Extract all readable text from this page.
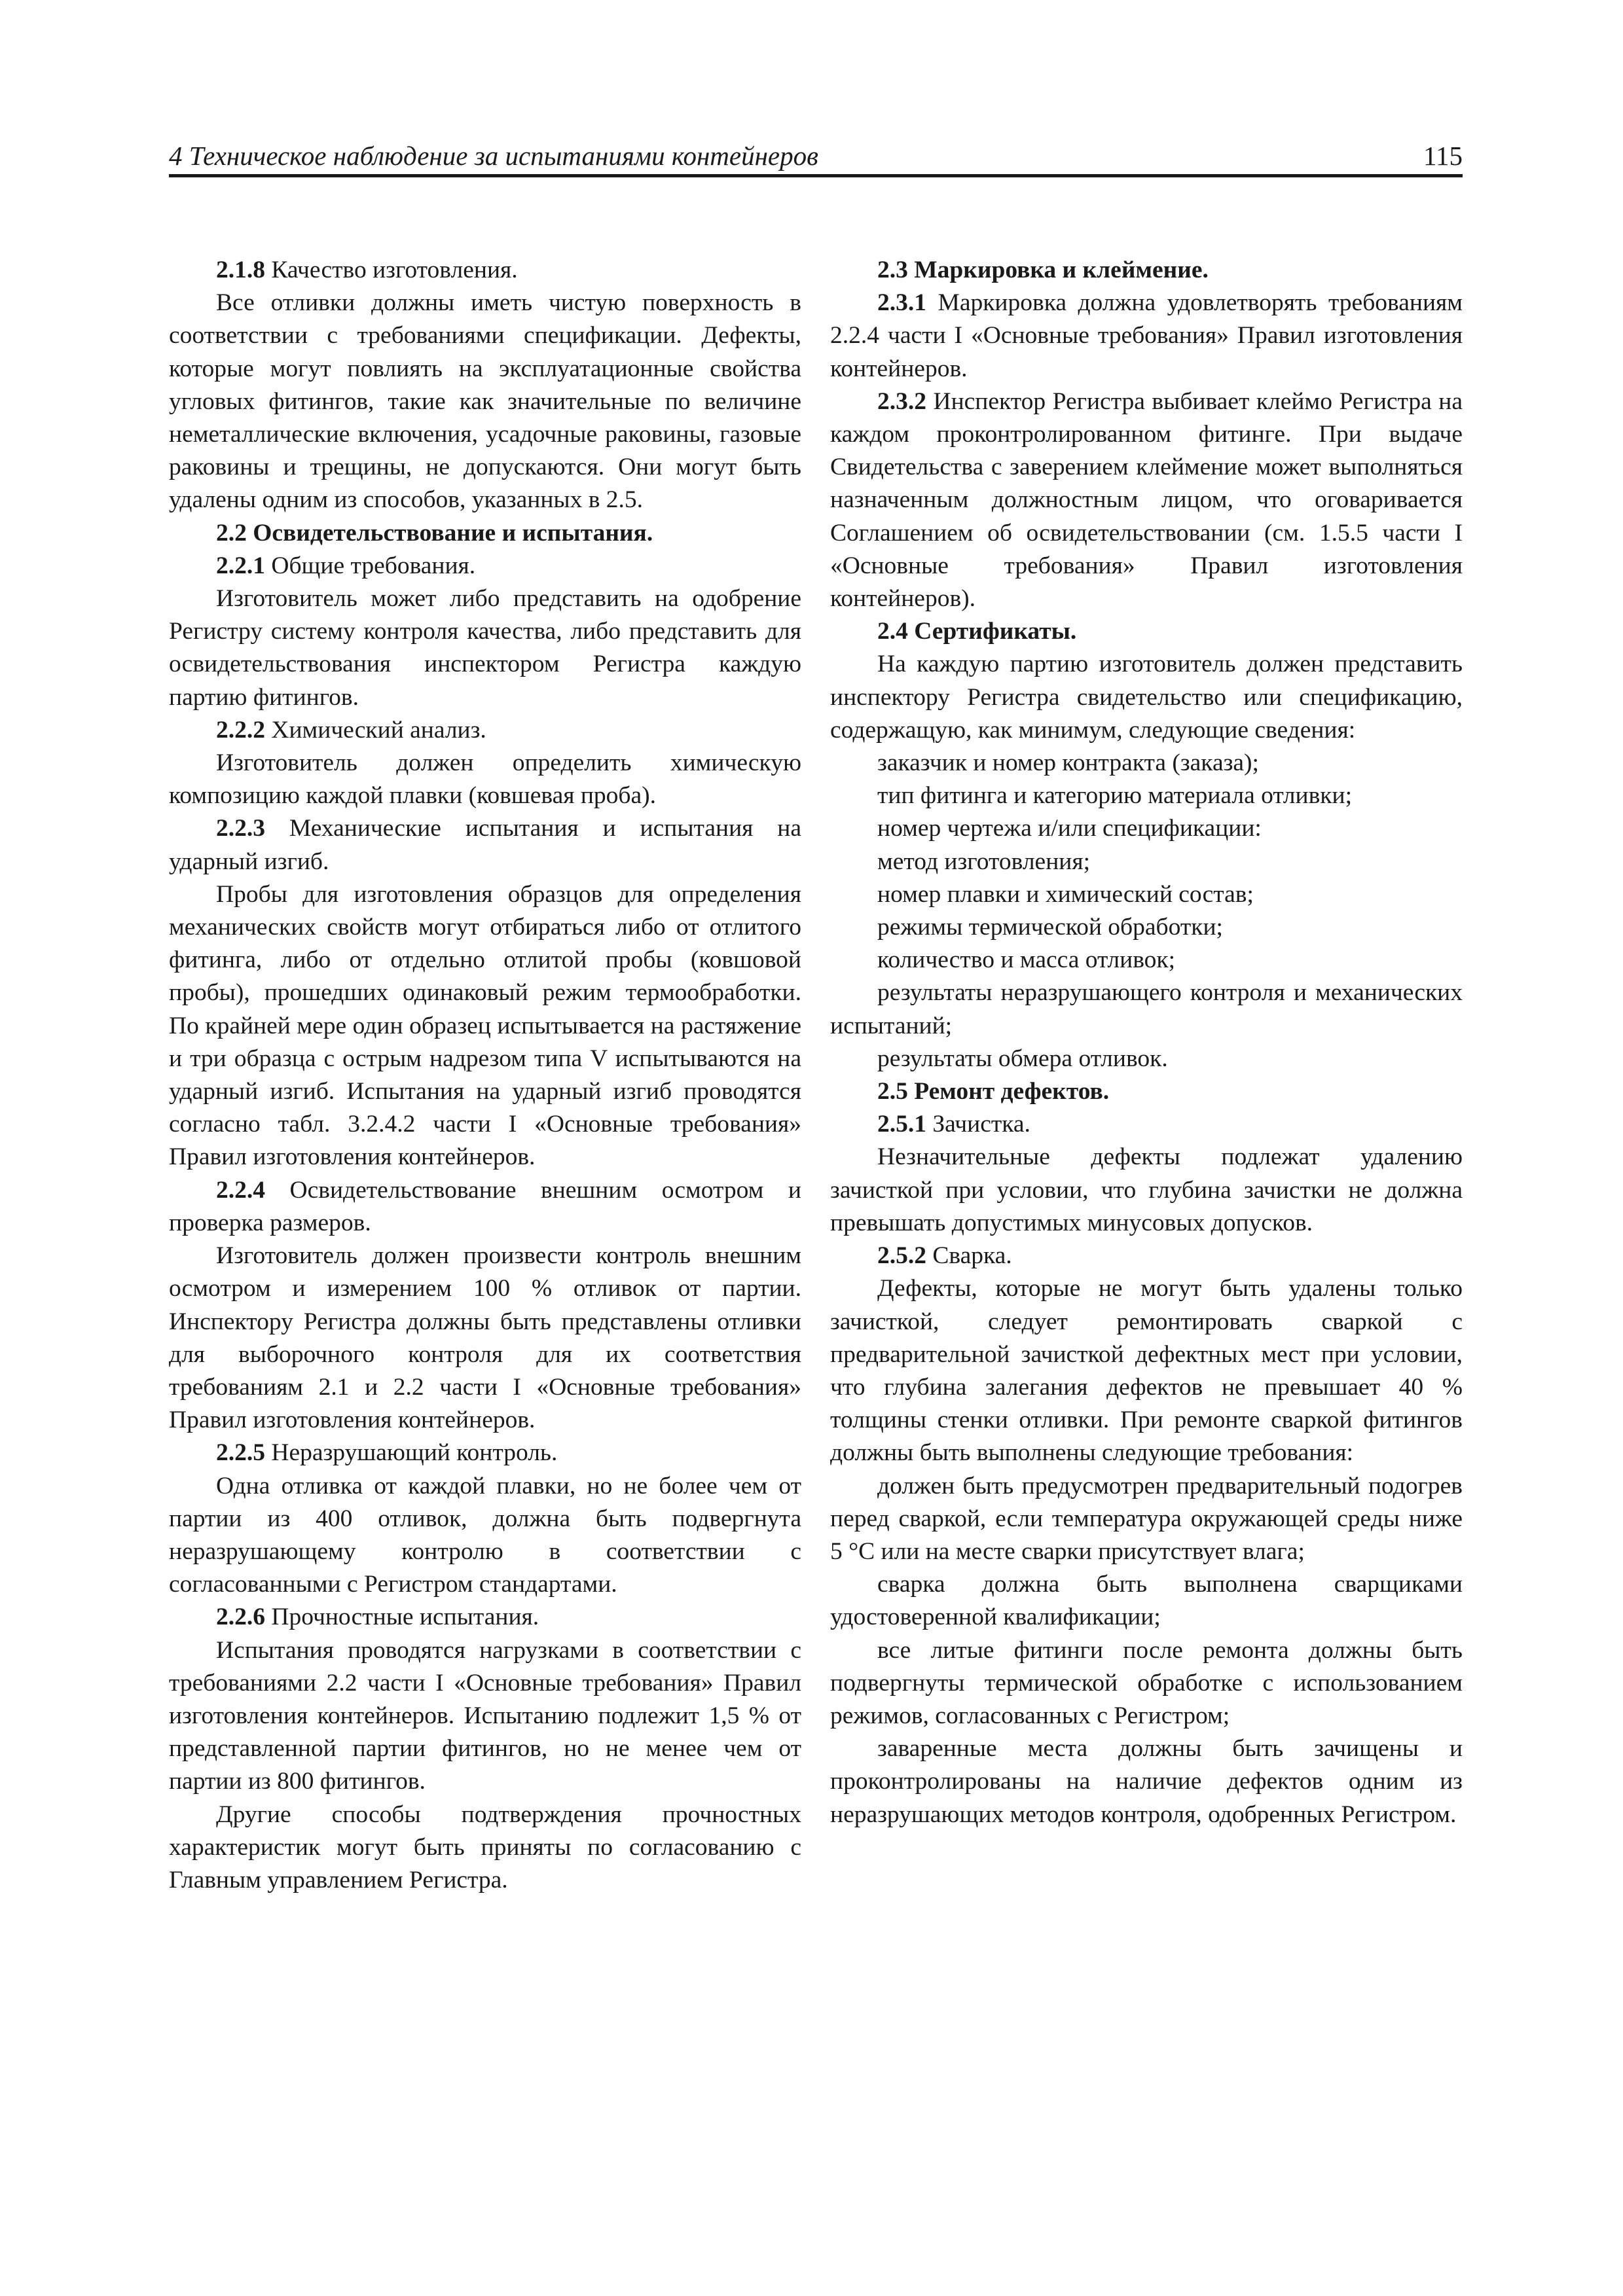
4 Техническое наблюдение за испытаниями контейнеров	115

2.1.8 Качество изготовления.

Все отливки должны иметь чистую поверхность в соответствии с требованиями спецификации. Дефекты, которые могут повлиять на эксплуатационные свойства угловых фитингов, такие как значительные по величине неметаллические включения, усадочные раковины, газовые раковины и трещины, не допускаются. Они могут быть удалены одним из способов, указанных в 2.5.

2.2 Освидетельствование и испытания.

2.2.1 Общие требования.

Изготовитель может либо представить на одобрение Регистру систему контроля качества, либо представить для освидетельствования инспектором Регистра каждую партию фитингов.

2.2.2 Химический анализ.

Изготовитель должен определить химическую композицию каждой плавки (ковшевая проба).

2.2.3 Механические испытания и испытания на ударный изгиб.

Пробы для изготовления образцов для определения механических свойств могут отбираться либо от отлитого фитинга, либо от отдельно отлитой пробы (ковшовой пробы), прошедших одинаковый режим термообработки. По крайней мере один образец испытывается на растяжение и три образца с острым надрезом типа V испытываются на ударный изгиб. Испытания на ударный изгиб проводятся согласно табл. 3.2.4.2 части I «Основные требования» Правил изготовления контейнеров.

2.2.4 Освидетельствование внешним осмотром и проверка размеров.

Изготовитель должен произвести контроль внешним осмотром и измерением 100 % отливок от партии. Инспектору Регистра должны быть представлены отливки для выборочного контроля для их соответствия требованиям 2.1 и 2.2 части I «Основные требования» Правил изготовления контейнеров.

2.2.5 Неразрушающий контроль.

Одна отливка от каждой плавки, но не более чем от партии из 400 отливок, должна быть подвергнута неразрушающему контролю в соответствии с согласованными с Регистром стандартами.

2.2.6 Прочностные испытания.

Испытания проводятся нагрузками в соответствии с требованиями 2.2 части I «Основные требования» Правил изготовления контейнеров. Испытанию подлежит 1,5 % от представленной партии фитингов, но не менее чем от партии из 800 фитингов.

Другие способы подтверждения прочностных характеристик могут быть приняты по согласованию с Главным управлением Регистра.

2.3 Маркировка и клеймение.

2.3.1 Маркировка должна удовлетворять требованиям 2.2.4 части I «Основные требования» Правил изготовления контейнеров.

2.3.2 Инспектор Регистра выбивает клеймо Регистра на каждом проконтролированном фитинге. При выдаче Свидетельства с заверением клеймение может выполняться назначенным должностным лицом, что оговаривается Соглашением об освидетельствовании (см. 1.5.5 части I «Основные требования» Правил изготовления контейнеров).

2.4 Сертификаты.

На каждую партию изготовитель должен представить инспектору Регистра свидетельство или спецификацию, содержащую, как минимум, следующие сведения:

заказчик и номер контракта (заказа);

тип фитинга и категорию материала отливки;

номер чертежа и/или спецификации:

метод изготовления;

номер плавки и химический состав;

режимы термической обработки;

количество и масса отливок;

результаты неразрушающего контроля и механических испытаний;

результаты обмера отливок.

2.5 Ремонт дефектов.

2.5.1 Зачистка.

Незначительные дефекты подлежат удалению зачисткой при условии, что глубина зачистки не должна превышать допустимых минусовых допусков.

2.5.2 Сварка.

Дефекты, которые не могут быть удалены только зачисткой, следует ремонтировать сваркой с предварительной зачисткой дефектных мест при условии, что глубина залегания дефектов не превышает 40 % толщины стенки отливки. При ремонте сваркой фитингов должны быть выполнены следующие требования:

должен быть предусмотрен предварительный подогрев перед сваркой, если температура окружающей среды ниже 5 °C или на месте сварки присутствует влага;

сварка должна быть выполнена сварщиками удостоверенной квалификации;

все литые фитинги после ремонта должны быть подвергнуты термической обработке с использованием режимов, согласованных с Регистром;

заваренные места должны быть зачищены и проконтролированы на наличие дефектов одним из неразрушающих методов контроля, одобренных Регистром.
